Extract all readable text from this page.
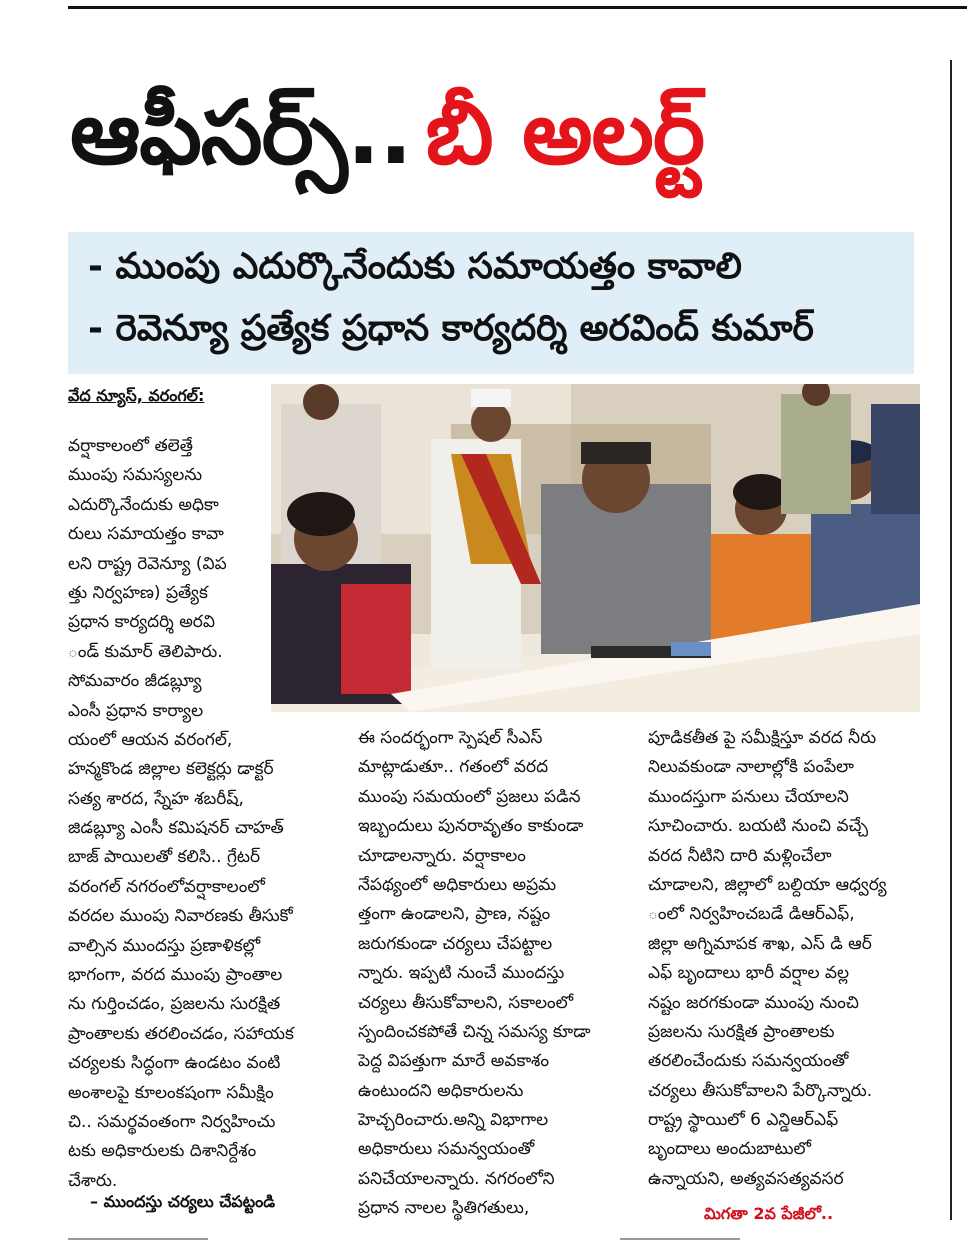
ఆఫీసర్స్.. బీ అలర్ట్
- ముంపు ఎదుర్కొనేందుకు సమాయత్తం కావాలి
- రెవెన్యూ ప్రత్యేక ప్రధాన కార్యదర్శి అరవింద్ కుమార్
వేద న్యూస్, వరంగల్:
వర్షాకాలంలో తలెత్తే
ముంపు సమస్యలను
ఎదుర్కొనేందుకు అధికా
రులు సమాయత్తం కావా
లని రాష్ట్ర రెవెన్యూ (విప
త్తు నిర్వహణ) ప్రత్యేక
ప్రధాన కార్యదర్శి అరవి
ండ్ కుమార్ తెలిపారు.
సోమవారం జీడబ్ల్యూ
ఎంసీ ప్రధాన కార్యాల
యంలో ఆయన వరంగల్,
హన్మకొండ జిల్లాల కలెక్టర్లు డాక్టర్
సత్య శారద, స్నేహ శబరీష్,
జిడబ్ల్యూ ఎంసీ కమిషనర్ చాహత్
బాజ్ పాయిలతో కలిసి.. గ్రేటర్
వరంగల్ నగరంలోవర్షాకాలంలో
వరదల ముంపు నివారణకు తీసుకో
వాల్సిన ముందస్తు ప్రణాళికల్లో
భాగంగా, వరద ముంపు ప్రాంతాల
ను గుర్తించడం, ప్రజలను సురక్షిత
ప్రాంతాలకు తరలించడం, సహాయక
చర్యలకు సిద్ధంగా ఉండటం వంటి
అంశాలపై కూలంకషంగా సమీక్షిం
చి.. సమర్థవంతంగా నిర్వహించు
టకు అధికారులకు దిశానిర్దేశం
చేశారు.
– ముందస్తు చర్యలు చేపట్టండి
ఈ సందర్భంగా స్పెషల్ సీఎస్
మాట్లాడుతూ.. గతంలో వరద
ముంపు సమయంలో ప్రజలు పడిన
ఇబ్బందులు పునరావృతం కాకుండా
చూడాలన్నారు. వర్షాకాలం
నేపథ్యంలో అధికారులు అప్రమ
త్తంగా ఉండాలని, ప్రాణ, నష్టం
జరుగకుండా చర్యలు చేపట్టాల
న్నారు. ఇప్పటి నుంచే ముందస్తు
చర్యలు తీసుకోవాలని, సకాలంలో
స్పందించకపోతే చిన్న సమస్య కూడా
పెద్ద విపత్తుగా మారే అవకాశం
ఉంటుందని అధికారులను
హెచ్చరించారు.అన్ని విభాగాల
అధికారులు సమన్వయంతో
పనిచేయాలన్నారు. నగరంలోని
ప్రధాన నాలల స్థితిగతులు,
పూడికతీత పై సమీక్షిస్తూ వరద నీరు
నిలువకుండా నాలాల్లోకి పంపేలా
ముందస్తుగా పనులు చేయాలని
సూచించారు. బయటి నుంచి వచ్చే
వరద నీటిని దారి మళ్లించేలా
చూడాలని, జిల్లాలో బల్దియా ఆధ్వర్య
ంలో నిర్వహించబడే డిఆర్ఎఫ్,
జిల్లా అగ్నిమాపక శాఖ, ఎస్ డి ఆర్
ఎఫ్ బృందాలు భారీ వర్షాల వల్ల
నష్టం జరగకుండా ముంపు నుంచి
ప్రజలను సురక్షిత ప్రాంతాలకు
తరలించేందుకు సమన్వయంతో
చర్యలు తీసుకోవాలని పేర్కొన్నారు.
రాష్ట్ర స్థాయిలో 6 ఎన్డిఆర్ఎఫ్
బృందాలు అందుబాటులో
ఉన్నాయని, అత్యవసత్యవసర
మిగతా 2వ పేజీలో..
